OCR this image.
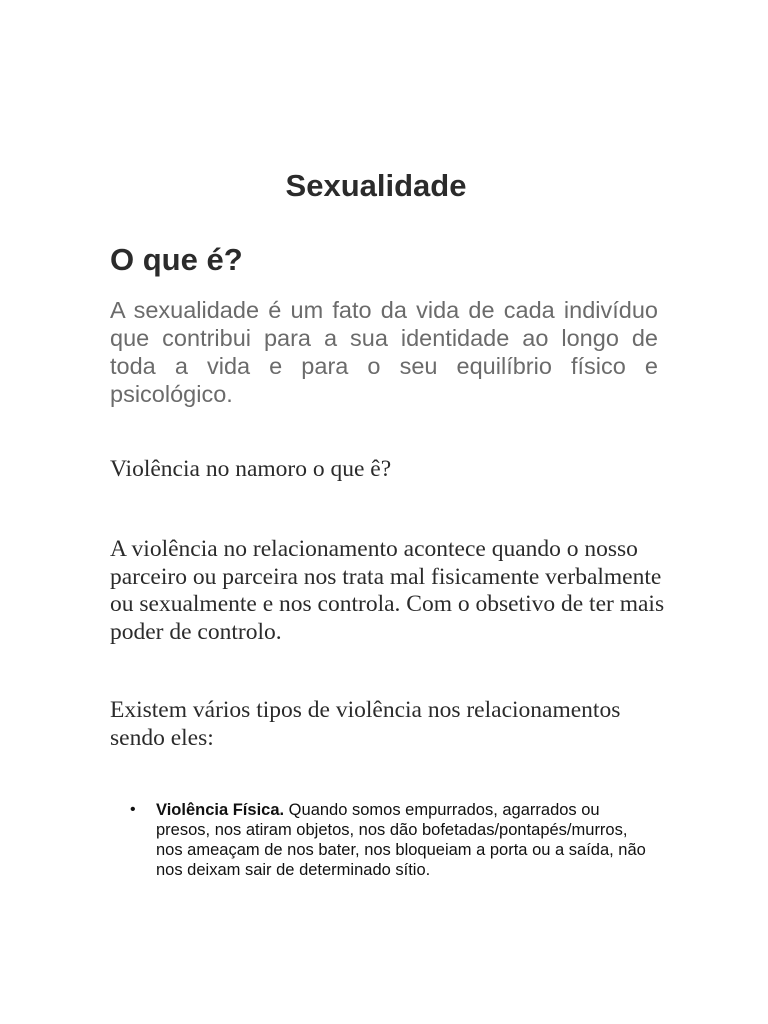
Sexualidade
O que é?

A sexualidade é um fato da vida de cada indivíduo que contribui para a sua identidade ao longo de toda a vida e para o seu equilíbrio físico e psicológico.

Violência no namoro o que ê?

A violência no relacionamento acontece quando o nosso parceiro ou parceira nos trata mal fisicamente verbalmente ou sexualmente e nos controla. Com o obsetivo de ter mais poder de controlo.

Existem vários tipos de violência nos relacionamentos sendo eles:

• Violência Física. Quando somos empurrados, agarrados ou presos, nos atiram objetos, nos dão bofetadas/pontapés/murros, nos ameaçam de nos bater, nos bloqueiam a porta ou a saída, não nos deixam sair de determinado sítio.
